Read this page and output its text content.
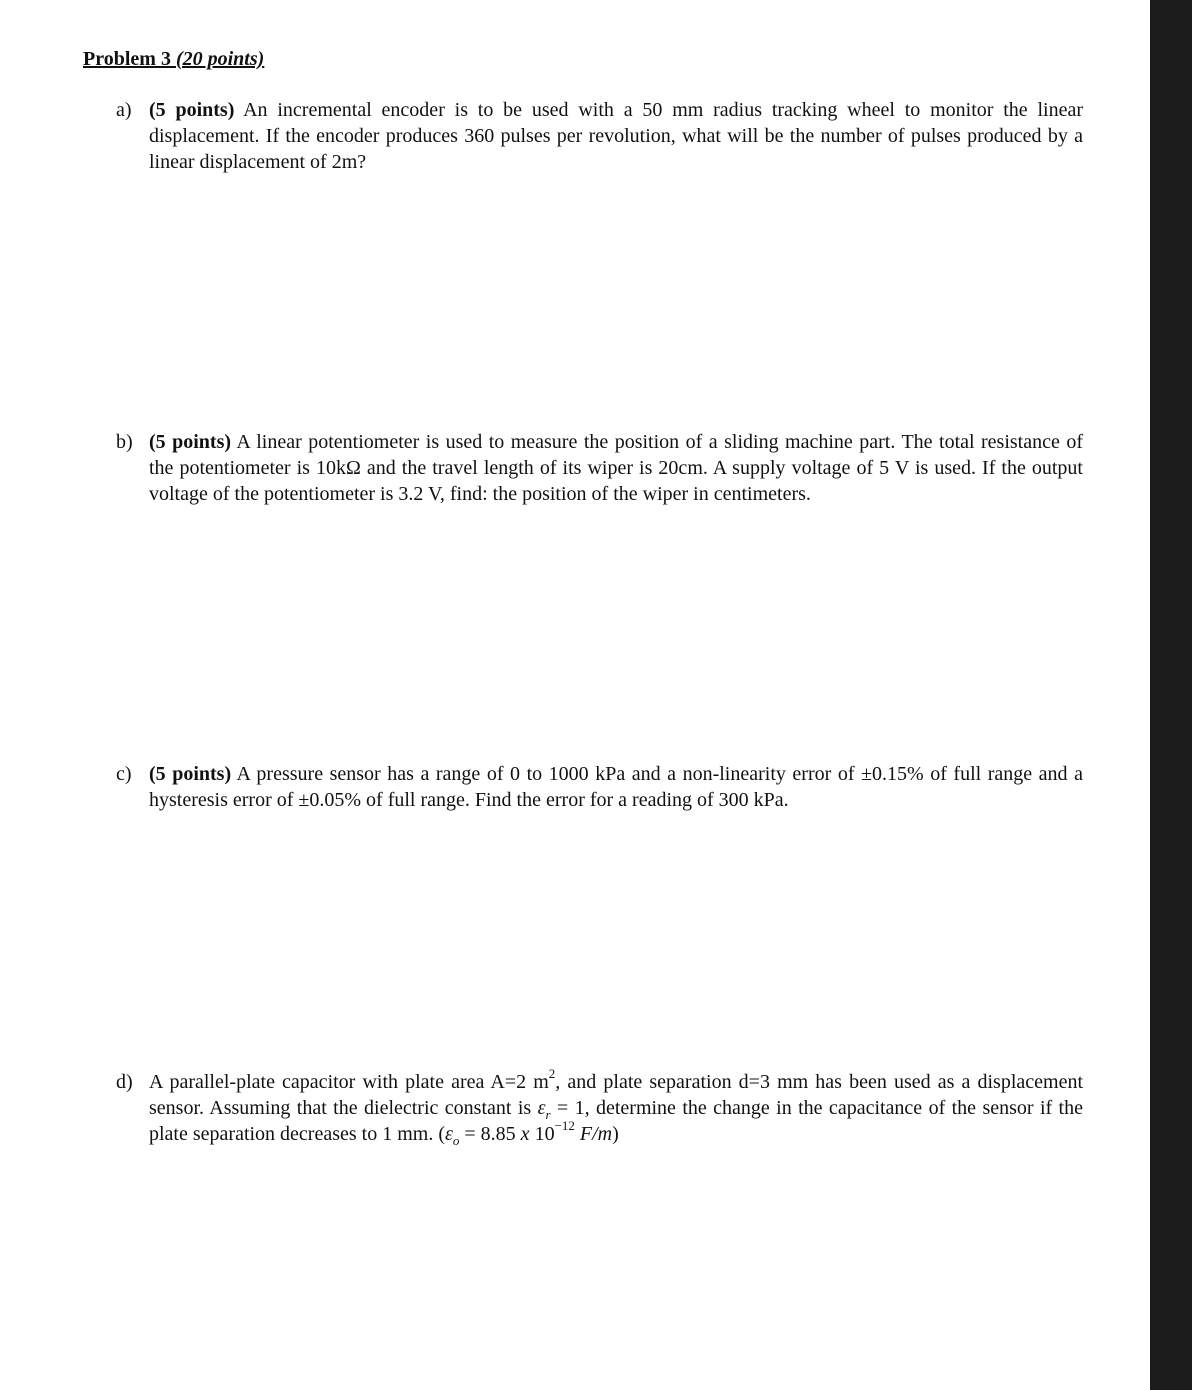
Problem 3 (20 points)
a) (5 points) An incremental encoder is to be used with a 50 mm radius tracking wheel to monitor the linear displacement. If the encoder produces 360 pulses per revolution, what will be the number of pulses produced by a linear displacement of 2m?
b) (5 points) A linear potentiometer is used to measure the position of a sliding machine part. The total resistance of the potentiometer is 10kΩ and the travel length of its wiper is 20cm. A supply voltage of 5 V is used. If the output voltage of the potentiometer is 3.2 V, find: the position of the wiper in centimeters.
c) (5 points) A pressure sensor has a range of 0 to 1000 kPa and a non-linearity error of ±0.15% of full range and a hysteresis error of ±0.05% of full range. Find the error for a reading of 300 kPa.
d) A parallel-plate capacitor with plate area A=2 $m^2$, and plate separation d=3 mm has been used as a displacement sensor. Assuming that the dielectric constant is $\varepsilon_r = 1$, determine the change in the capacitance of the sensor if the plate separation decreases to 1 mm. ($\varepsilon_o = 8.85$ x $10^{-12}$ F/m)
